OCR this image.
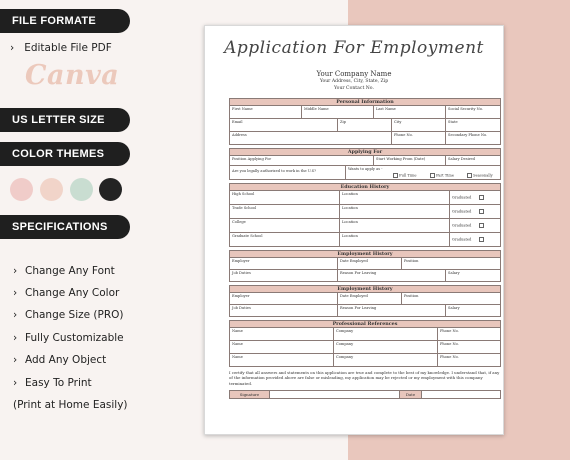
FILE FORMATE
›   Editable File PDF
Canva
US LETTER SIZE
COLOR THEMES
SPECIFICATIONS
› Change Any Font
› Change Any Color
› Change Size (PRO)
› Fully Customizable
› Add Any Object
› Easy To Print
(Print at Home Easily)
Application For Employment
Your Company Name
Your Address, City, State, Zip
Your Contact No.
Personal Information
First Name	Middle Name	Last Name	Social Security No.
Email	Zip	City	State
Address	Phone No.	Secondary Phone No.
Applying For
Position Applying For	Start Working From (Date)	Salary Desired
Are you legally authorized to work in the U.S?	Wants to apply as -
Full Time	Part Time	Seasonally
Education History
High School	Location
Graduated
Trade School	Location
Graduated
College	Location
Graduated
Graduate School	Location
Graduated
Employment History
Employer	Date Employed	Position
Job Duties	Reason For Leaving	Salary
Employment History
Employer	Date Employed	Position
Job Duties	Reason For Leaving	Salary
Professional References
Name	Company	Phone No.
Name	Company	Phone No.
Name	Company	Phone No.
I certify that all answers and statements on this application are true and complete to the best of my knowledge. I understand that, if any of the information provided above are false or misleading, my application may be rejected or my employment with this company terminated.
Signature	Date
